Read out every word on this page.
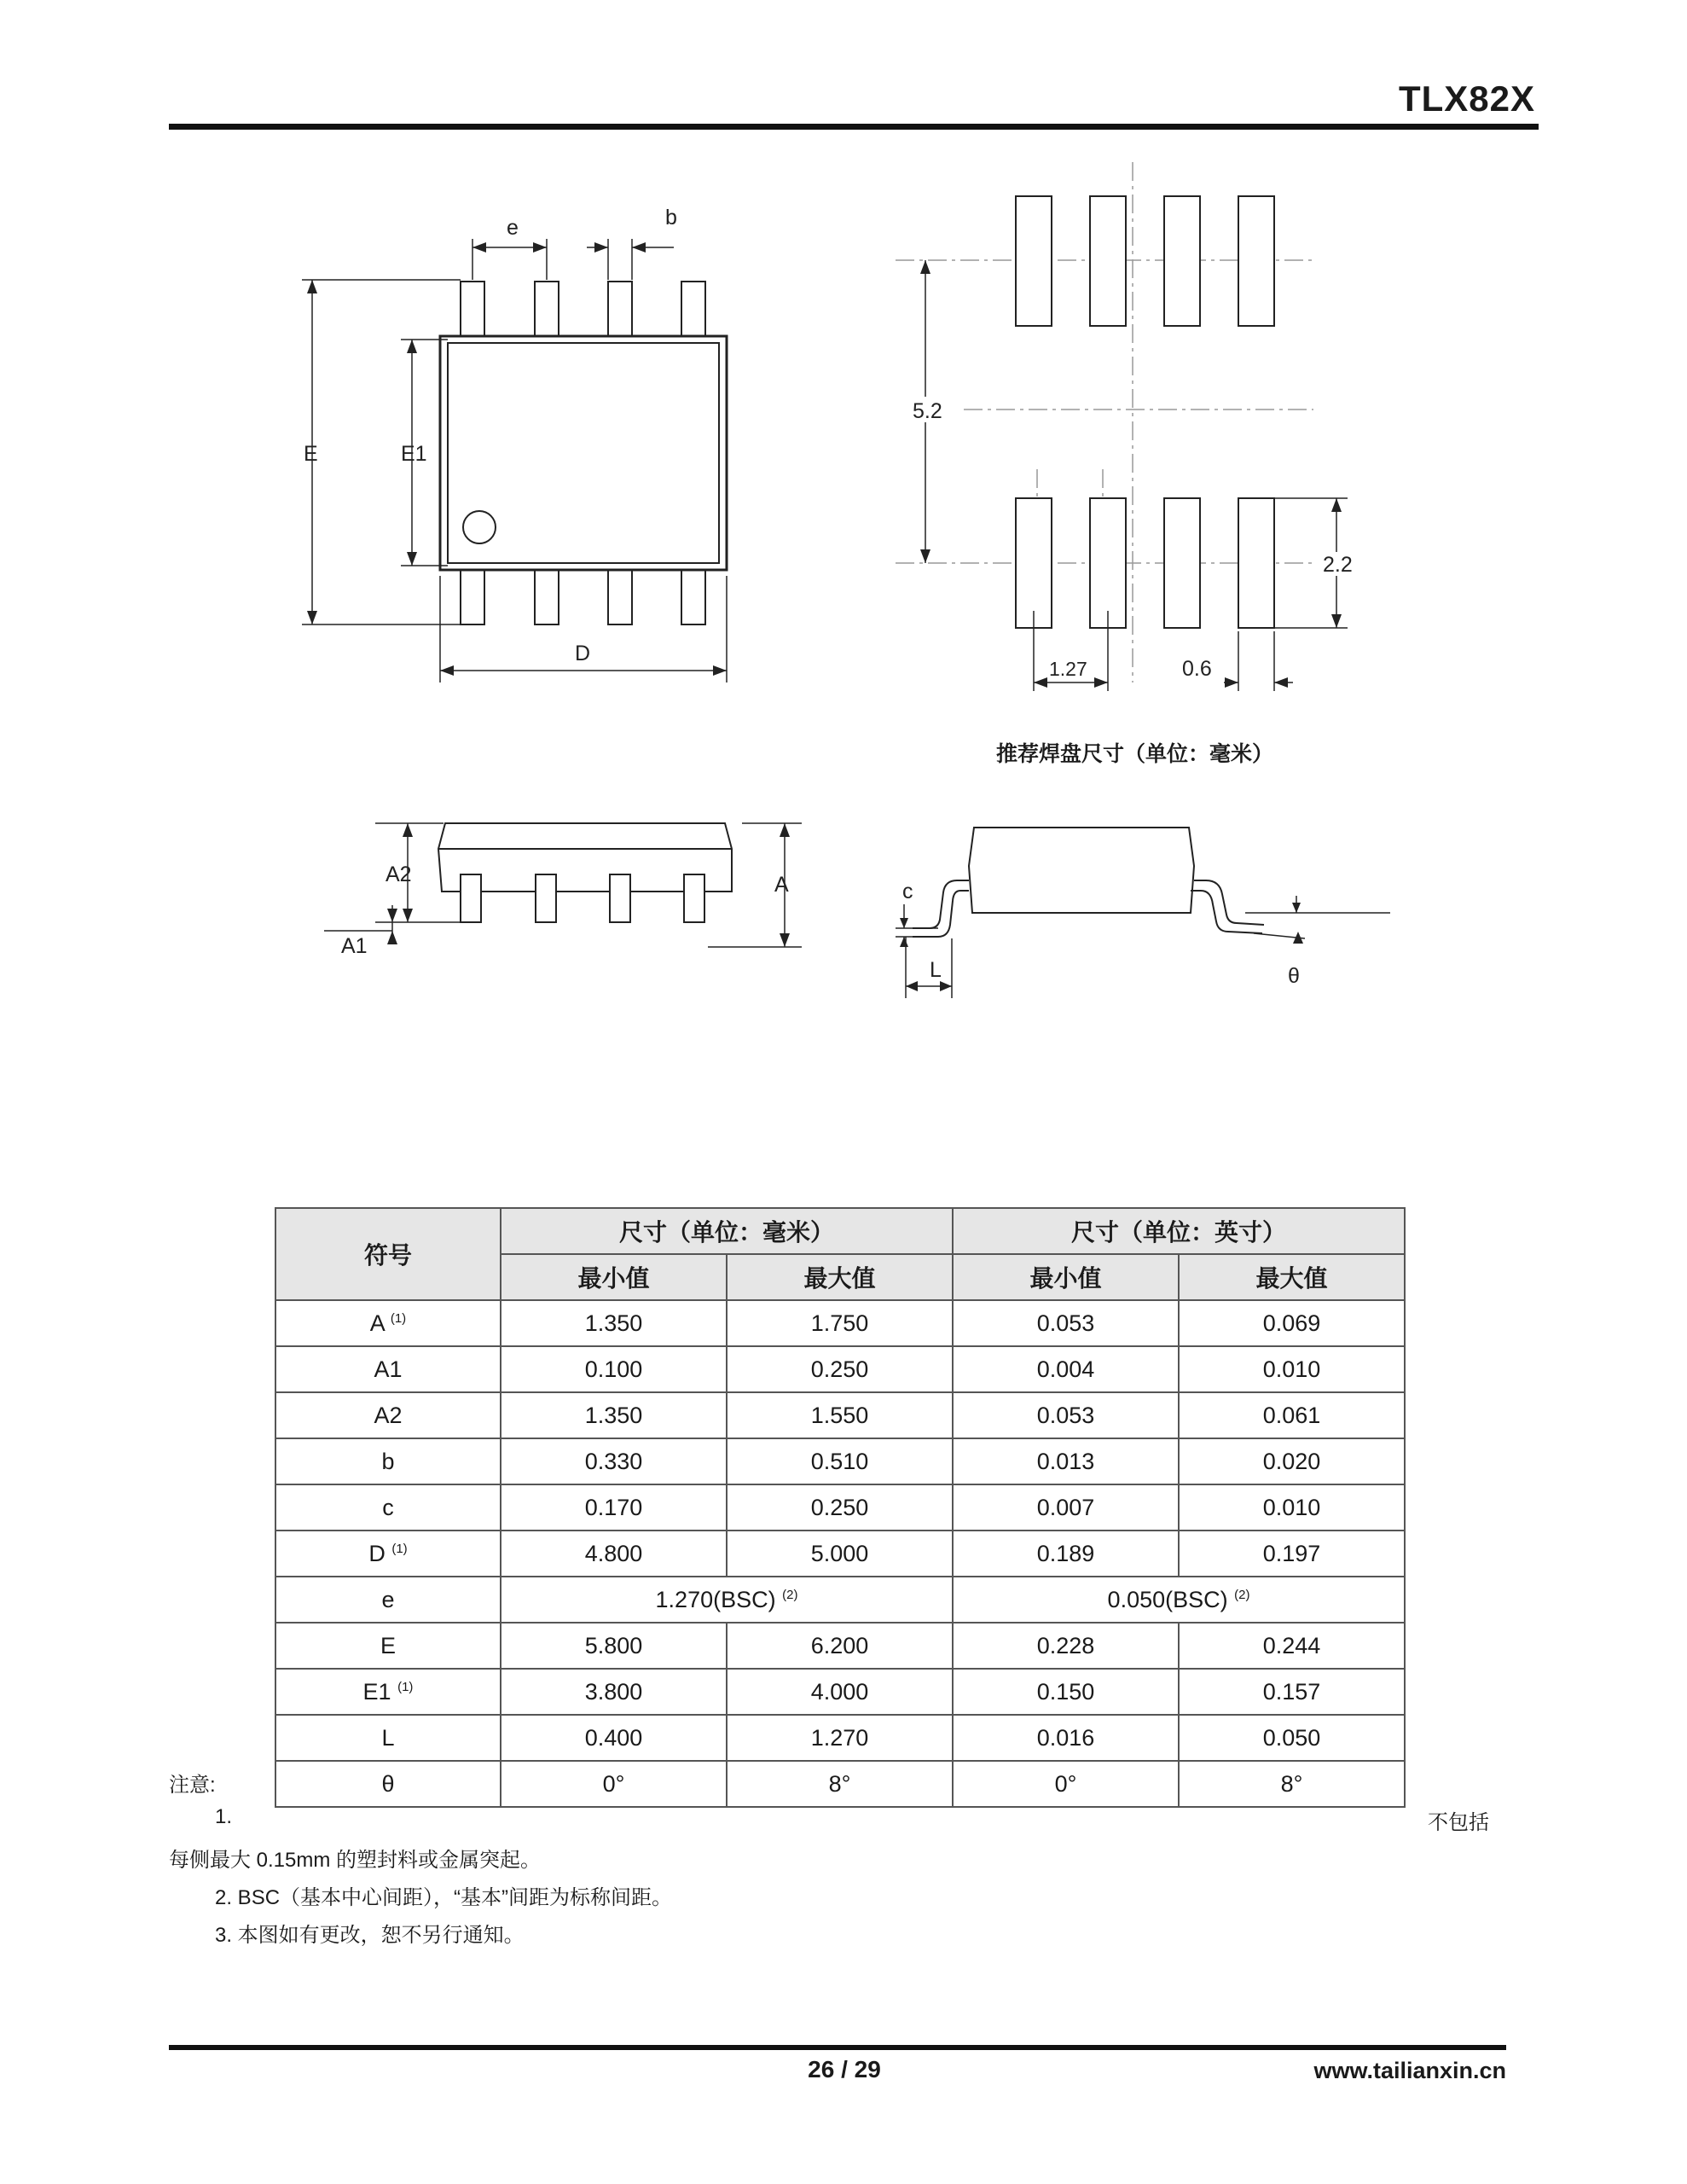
TLX82X
e	b
E	E1
D
5.2
2.2
1.27	0.6
推荐焊盘尺寸（单位：毫米）
A2
A1
A	c
L	θ
符号	尺寸（单位：毫米）		尺寸（单位：英寸）	
	最小值	最大值	最小值	最大值
A $^{(1)}$	1.350	1.750	0.053	0.069
A1	0.100	0.250	0.004	0.010
A2	1.350	1.550	0.053	0.061
b	0.330	0.510	0.013	0.020
c	0.170	0.250	0.007	0.010
D $^{(1)}$	4.800	5.000	0.189	0.197
e	1.270(BSC) $^{(2)}$		0.050(BSC) $^{(2)}$
E	5.800	6.200	0.228	0.244
E1 $^{(1)}$	3.800	4.000	0.150	0.157
L	0.400	1.270	0.016	0.050
θ	0°	8°	0°	8°
注意:
1.	不包括
每侧最大 0.15mm 的塑封料或金属突起。
2. BSC（基本中心间距），“基本”间距为标称间距。
3. 本图如有更改，恕不另行通知。
26 / 29	www.tailianxin.cn
